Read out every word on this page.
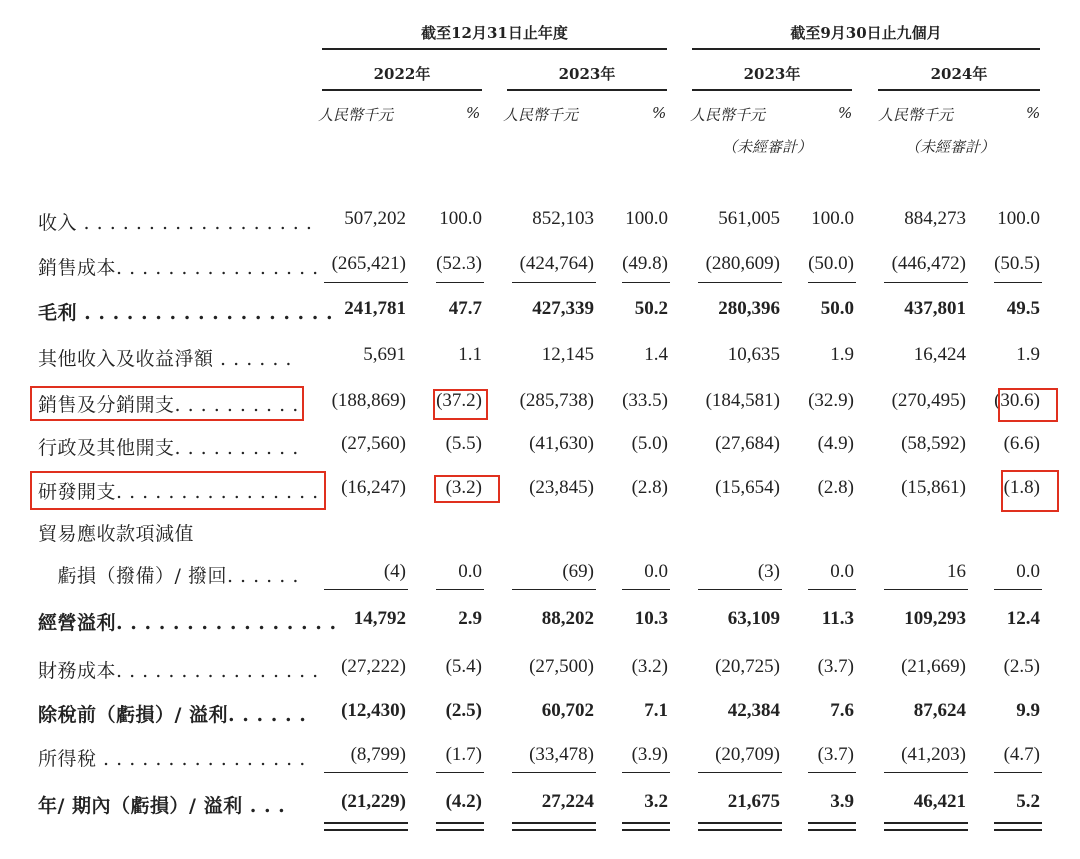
截至12月31日止年度	截至9月30日止九個月
2022年	2023年	2023年	2024年
人民幣千元	% 人民幣千元	% 人民幣千元	% 人民幣千元	%
（未經審計）	（未經審計）
收入 . . . . . . . . . . . . . . . . . .	507,202	100.0	852,103	100.0	561,005	100.0	884,273	100.0
銷售成本. . . . . . . . . . . . . . . . (265,421)	(52.3)	(424,764)	(49.8)	(280,609)	(50.0)	(446,472)	(50.5)
毛利 . . . . . . . . . . . . . . . . . . 241,781	47.7	427,339	50.2	280,396	50.0	437,801	49.5
其他收入及收益淨額 . . . . . .	5,691	1.1	12,145	1.4	10,635	1.9	16,424	1.9
銷售及分銷開支. . . . . . . . . .	(188,869)	(37.2)	(285,738)	(33.5)	(184,581)	(32.9)	(270,495)	(30.6)
行政及其他開支. . . . . . . . . .	(27,560)	(5.5)	(41,630)	(5.0)	(27,684)	(4.9)	(58,592)	(6.6)
研發開支. . . . . . . . . . . . . . . .	(16,247)	(3.2)	(23,845)	(2.8)	(15,654)	(2.8)	(15,861)	(1.8)
貿易應收款項減值
　虧損（撥備）/ 撥回. . . . . .	(4)	0.0	(69)	0.0	(3)	0.0	16	0.0
經營溢利. . . . . . . . . . . . . . . . 14,792	2.9	88,202	10.3	63,109	11.3	109,293	12.4
財務成本. . . . . . . . . . . . . . . .	(27,222)	(5.4)	(27,500)	(3.2)	(20,725)	(3.7)	(21,669)	(2.5)
除稅前（虧損）/ 溢利. . . . . .	(12,430)	(2.5)	60,702	7.1	42,384	7.6	87,624	9.9
所得稅 . . . . . . . . . . . . . . . .	(8,799)	(1.7)	(33,478)	(3.9)	(20,709)	(3.7)	(41,203)	(4.7)
年/ 期內（虧損）/ 溢利 . . .	(21,229)	(4.2)	27,224	3.2	21,675	3.9	46,421	5.2
